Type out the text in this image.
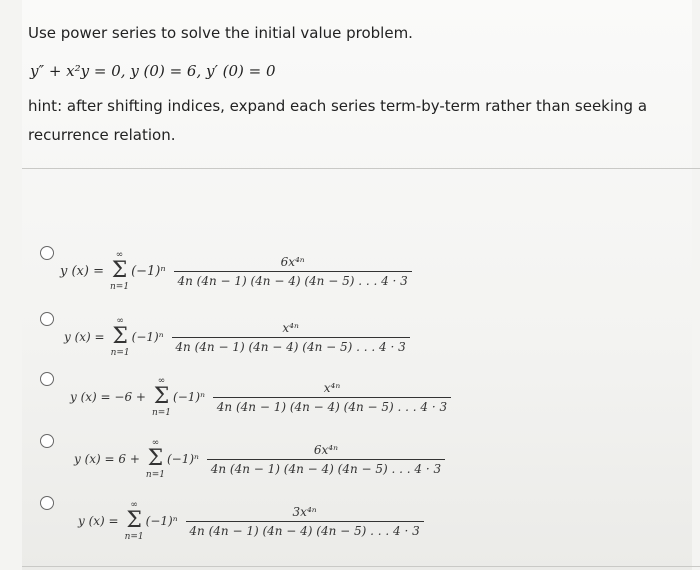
Use power series to solve the initial value problem.
y″ + x²y = 0, y (0) = 6, y′ (0) = 0
hint: after shifting indices, expand each series term-by-term rather than seeking a recurrence relation.
y (x) =
∞
Σ
n=1
$(-1)^n \frac{\text{6x⁴ⁿ}}{4n (4n - 1) (4n - 4) (4n - 5) . . . 4 \cdot 3}$
y (x) =
∞
Σ
n=1
$(-1)^n \frac{\text{x⁴ⁿ}}{4n (4n - 1) (4n - 4) (4n - 5) . . . 4 \cdot 3}$
y (x) = −6 +
∞
Σ
n=1
$(-1)^n \frac{\text{x⁴ⁿ}}{4n (4n - 1) (4n - 4) (4n - 5) . . . 4 \cdot 3}$
y (x) = 6 +
∞
Σ
n=1
$(-1)^n \frac{\text{6x⁴ⁿ}}{4n (4n - 1) (4n - 4) (4n - 5) . . . 4 \cdot 3}$
y (x) =
∞
Σ
n=1
$(-1)^n \frac{\text{3x⁴ⁿ}}{4n (4n - 1) (4n - 4) (4n - 5) . . . 4 \cdot 3}$
